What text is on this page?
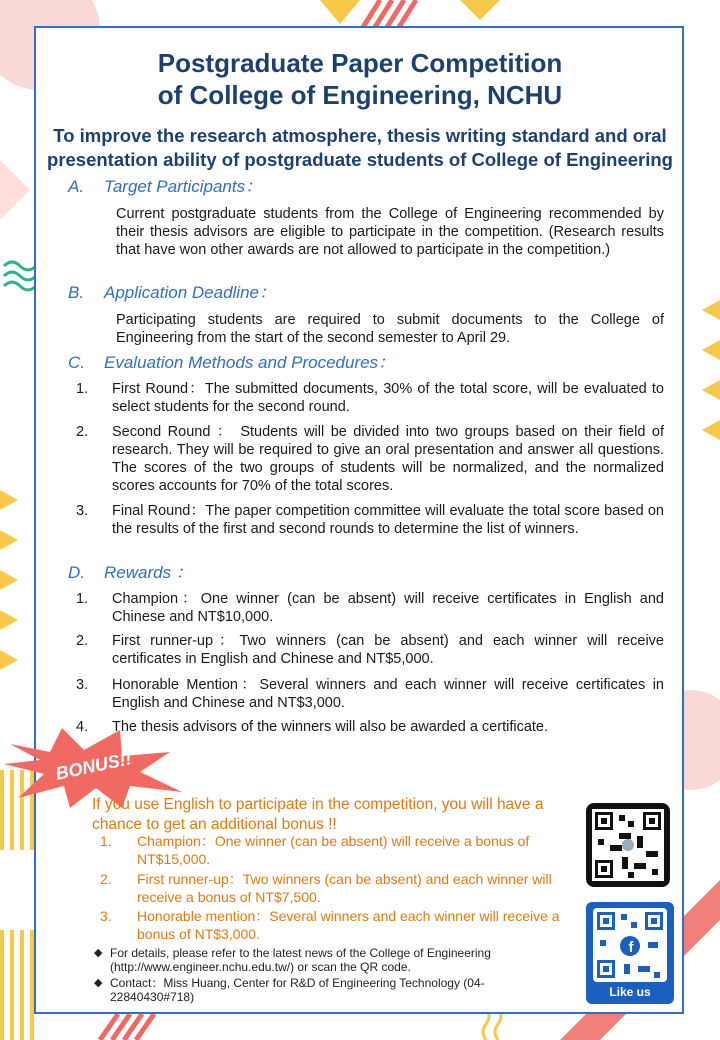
Postgraduate Paper Competition
of College of Engineering, NCHU
To improve the research atmosphere, thesis writing standard and oral
presentation ability of postgraduate students of College of Engineering
A. Target Participants：
Current postgraduate students from the College of Engineering recommended by their thesis advisors are eligible to participate in the competition. (Research results that have won other awards are not allowed to participate in the competition.)
B. Application Deadline：
Participating students are required to submit documents to the College of Engineering from the start of the second semester to April 29.
C. Evaluation Methods and Procedures：
1. First Round：The submitted documents, 30% of the total score, will be evaluated to select students for the second round.
2. Second Round ： Students will be divided into two groups based on their field of research. They will be required to give an oral presentation and answer all questions. The scores of the two groups of students will be normalized, and the normalized scores accounts for 70% of the total scores.
3. Final Round：The paper competition committee will evaluate the total score based on the results of the first and second rounds to determine the list of winners.
D. Rewards ：
1. Champion：One winner (can be absent) will receive certificates in English and Chinese and NT$10,000.
2. First runner-up：Two winners (can be absent) and each winner will receive certificates in English and Chinese and NT$5,000.
3. Honorable Mention：Several winners and each winner will receive certificates in English and Chinese and NT$3,000.
4. The thesis advisors of the winners will also be awarded a certificate.
BONUS!!
If you use English to participate in the competition, you will have a chance to get an additional bonus !!
1. Champion：One winner (can be absent) will receive a bonus of NT$15,000.
2. First runner-up：Two winners (can be absent) and each winner will receive a bonus of NT$7,500.
3. Honorable mention：Several winners and each winner will receive a bonus of NT$3,000.
◆ For details, please refer to the latest news of the College of Engineering (http://www.engineer.nchu.edu.tw/) or scan the QR code.
◆ Contact：Miss Huang, Center for R&D of Engineering Technology (04-22840430#718)
f
Like us
